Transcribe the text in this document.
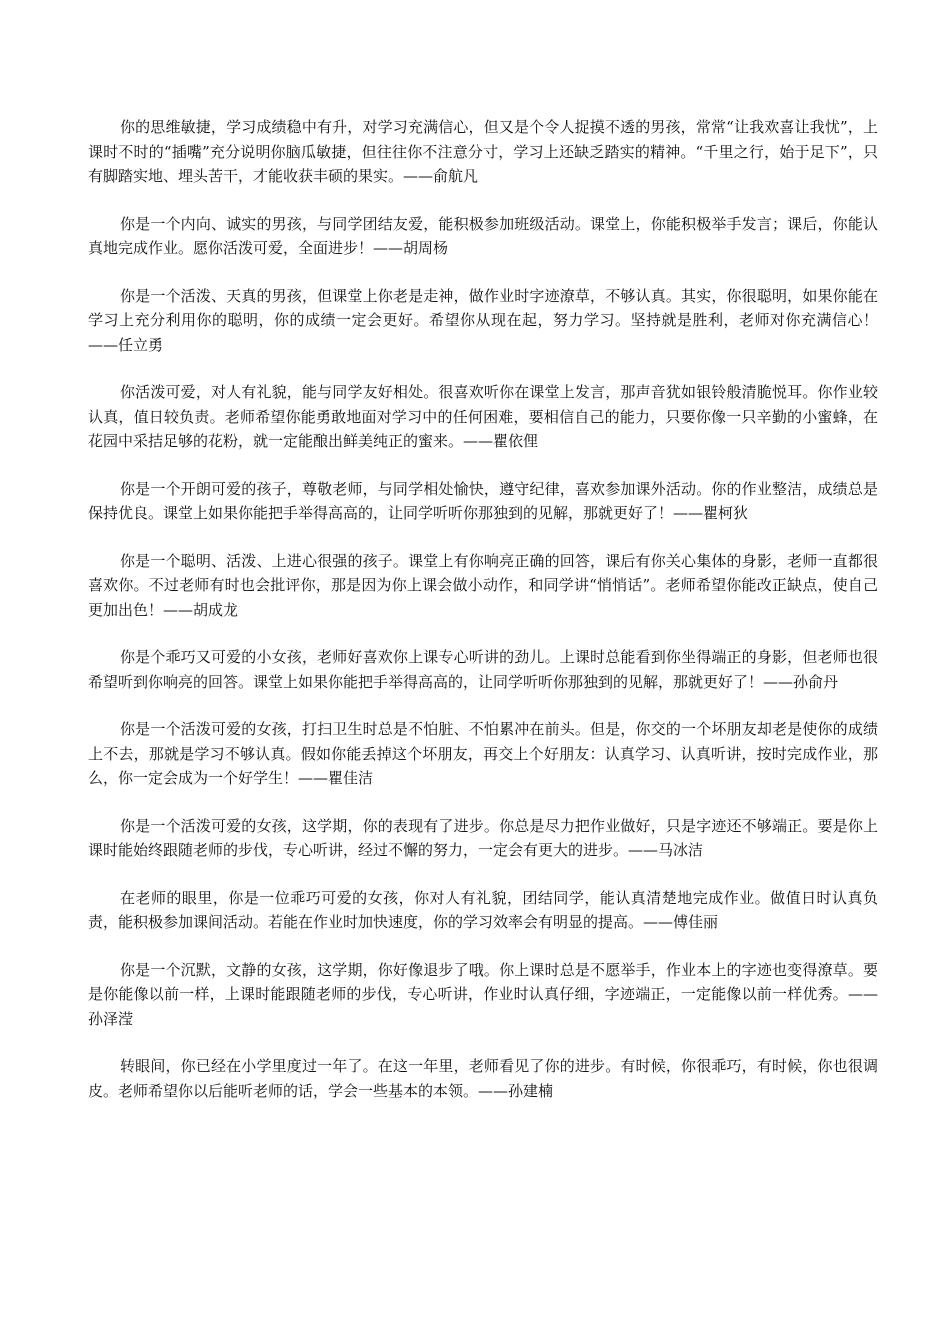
你的思维敏捷，学习成绩稳中有升，对学习充满信心，但又是个令人捉摸不透的男孩，常常“让我欢喜让我忧”，上课时不时的“插嘴”充分说明你脑瓜敏捷，但往往你不注意分寸，学习上还缺乏踏实的精神。“千里之行，始于足下”，只有脚踏实地、埋头苦干，才能收获丰硕的果实。——俞航凡

你是一个内向、诚实的男孩，与同学团结友爱，能积极参加班级活动。课堂上，你能积极举手发言；课后，你能认真地完成作业。愿你活泼可爱，全面进步！——胡周杨

你是一个活泼、天真的男孩，但课堂上你老是走神，做作业时字迹潦草，不够认真。其实，你很聪明，如果你能在学习上充分利用你的聪明，你的成绩一定会更好。希望你从现在起，努力学习。坚持就是胜利，老师对你充满信心！——任立勇

你活泼可爱，对人有礼貌，能与同学友好相处。很喜欢听你在课堂上发言，那声音犹如银铃般清脆悦耳。你作业较认真，值日较负责。老师希望你能勇敢地面对学习中的任何困难，要相信自己的能力，只要你像一只辛勤的小蜜蜂，在花园中采拮足够的花粉，就一定能酿出鲜美纯正的蜜来。——瞿依俚

你是一个开朗可爱的孩子，尊敬老师，与同学相处愉快，遵守纪律，喜欢参加课外活动。你的作业整洁，成绩总是保持优良。课堂上如果你能把手举得高高的，让同学听听你那独到的见解，那就更好了！——瞿柯狄

你是一个聪明、活泼、上进心很强的孩子。课堂上有你响亮正确的回答，课后有你关心集体的身影，老师一直都很喜欢你。不过老师有时也会批评你，那是因为你上课会做小动作，和同学讲“悄悄话”。老师希望你能改正缺点，使自己更加出色！——胡成龙

你是个乖巧又可爱的小女孩，老师好喜欢你上课专心听讲的劲儿。上课时总能看到你坐得端正的身影，但老师也很希望听到你响亮的回答。课堂上如果你能把手举得高高的，让同学听听你那独到的见解，那就更好了！——孙俞丹

你是一个活泼可爱的女孩，打扫卫生时总是不怕脏、不怕累冲在前头。但是，你交的一个坏朋友却老是使你的成绩上不去，那就是学习不够认真。假如你能丢掉这个坏朋友，再交上个好朋友：认真学习、认真听讲，按时完成作业，那么，你一定会成为一个好学生！——瞿佳洁

你是一个活泼可爱的女孩，这学期，你的表现有了进步。你总是尽力把作业做好，只是字迹还不够端正。要是你上课时能始终跟随老师的步伐，专心听讲，经过不懈的努力，一定会有更大的进步。——马冰洁

在老师的眼里，你是一位乖巧可爱的女孩，你对人有礼貌，团结同学，能认真清楚地完成作业。做值日时认真负责，能积极参加课间活动。若能在作业时加快速度，你的学习效率会有明显的提高。——傅佳丽

你是一个沉默，文静的女孩，这学期，你好像退步了哦。你上课时总是不愿举手，作业本上的字迹也变得潦草。要是你能像以前一样，上课时能跟随老师的步伐，专心听讲，作业时认真仔细，字迹端正，一定能像以前一样优秀。——孙泽滢

转眼间，你已经在小学里度过一年了。在这一年里，老师看见了你的进步。有时候，你很乖巧，有时候，你也很调皮。老师希望你以后能听老师的话，学会一些基本的本领。——孙建楠
